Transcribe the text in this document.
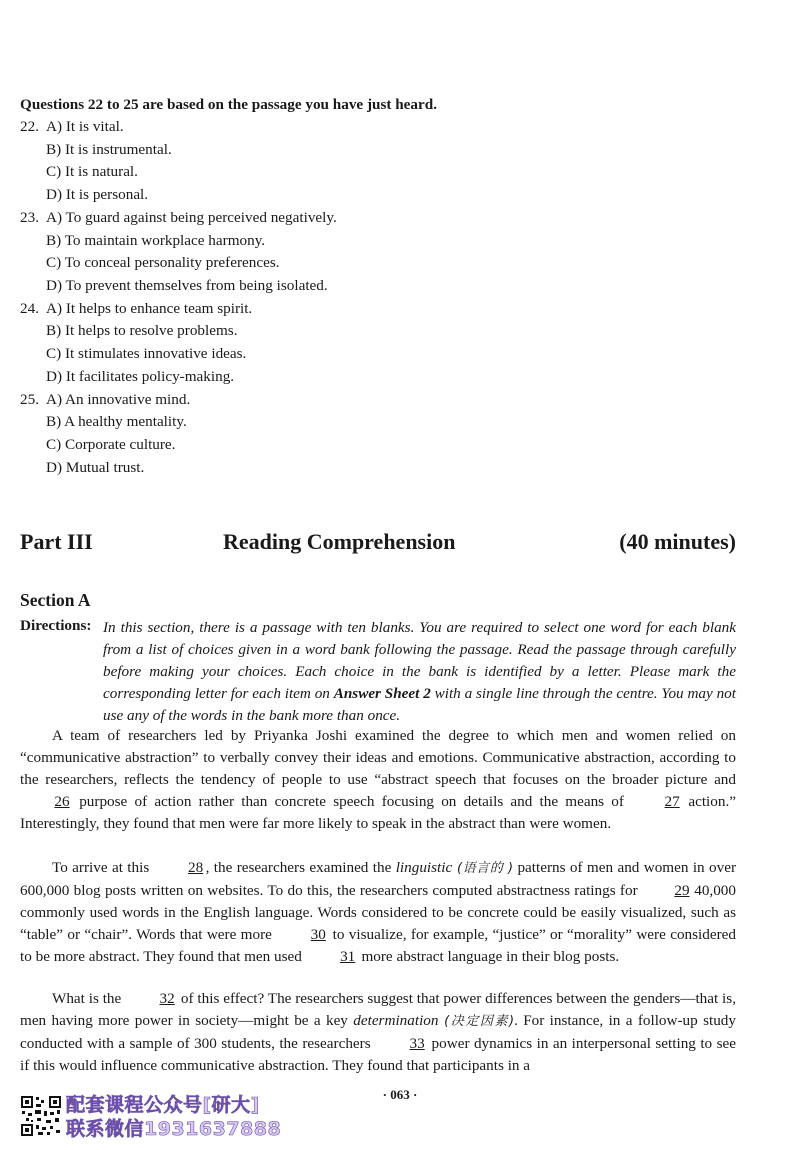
Questions 22 to 25 are based on the passage you have just heard.
22. A) It is vital.
B) It is instrumental.
C) It is natural.
D) It is personal.
23. A) To guard against being perceived negatively.
B) To maintain workplace harmony.
C) To conceal personality preferences.
D) To prevent themselves from being isolated.
24. A) It helps to enhance team spirit.
B) It helps to resolve problems.
C) It stimulates innovative ideas.
D) It facilitates policy-making.
25. A) An innovative mind.
B) A healthy mentality.
C) Corporate culture.
D) Mutual trust.
Part III	Reading Comprehension	(40 minutes)
Section A
Directions: In this section, there is a passage with ten blanks. You are required to select one word for each blank from a list of choices given in a word bank following the passage. Read the passage through carefully before making your choices. Each choice in the bank is identified by a letter. Please mark the corresponding letter for each item on Answer Sheet 2 with a single line through the centre. You may not use any of the words in the bank more than once.

A team of researchers led by Priyanka Joshi examined the degree to which men and women relied on “communicative abstraction” to verbally convey their ideas and emotions. Communicative abstraction, according to the researchers, reflects the tendency of people to use “abstract speech that focuses on the broader picture and 26 purpose of action rather than concrete speech focusing on details and the means of 27 action.” Interestingly, they found that men were far more likely to speak in the abstract than were women.

To arrive at this 28 , the researchers examined the linguistic (语言的 ) patterns of men and women in over 600,000 blog posts written on websites. To do this, the researchers computed abstractness ratings for 29 40,000 commonly used words in the English language. Words considered to be concrete could be easily visualized, such as “table” or “chair”. Words that were more 30 to visualize, for example, “justice” or “morality” were considered to be more abstract. They found that men used 31 more abstract language in their blog posts.

What is the 32 of this effect? The researchers suggest that power differences between the genders—that is, men having more power in society—might be a key determination (决定因素). For instance, in a follow-up study conducted with a sample of 300 students, the researchers 33 power dynamics in an interpersonal setting to see if this would influence communicative abstraction. They found that participants in a

· 063 ·
配套课程公众号[研大]
联系微信1931637888
